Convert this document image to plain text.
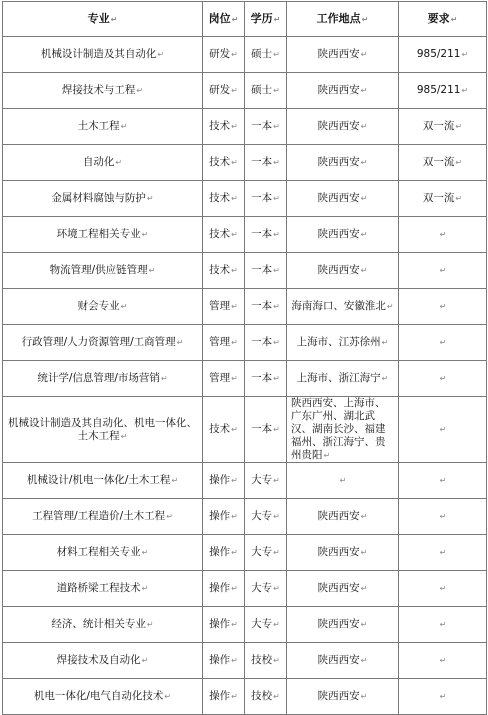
专业↵	岗位↵	学历↵	工作地点↵	要求↵
机械设计制造及其自动化↵	研发↵	硕士↵	陕西西安↵	985/211↵
焊接技术与工程↵	研发↵	硕士↵	陕西西安↵	985/211↵
土木工程↵	技术↵	一本↵	陕西西安↵	双一流↵
自动化↵	技术↵	一本↵	陕西西安↵	双一流↵
金属材料腐蚀与防护↵	技术↵	一本↵	陕西西安↵	双一流↵
环境工程相关专业↵	技术↵	一本↵	陕西西安↵	↵
物流管理/供应链管理↵	技术↵	一本↵	陕西西安↵	↵
财会专业↵	管理↵	一本↵	海南海口、安徽淮北↵	↵
行政管理/人力资源管理/工商管理↵	管理↵	一本↵	上海市、江苏徐州↵	↵
统计学/信息管理/市场营销↵	管理↵	一本↵	上海市、浙江海宁↵	↵
机械设计制造及其自动化、机电一体化、土木工程↵	技术↵	一本↵	陕西西安、上海市、广东广州、湖北武汉、湖南长沙、福建福州、浙江海宁、贵州贵阳↵	↵
机械设计/机电一体化/土木工程↵	操作↵	大专↵	↵	↵
工程管理/工程造价/土木工程↵	操作↵	大专↵	陕西西安↵	↵
材料工程相关专业↵	操作↵	大专↵	陕西西安↵	↵
道路桥梁工程技术↵	操作↵	大专↵	陕西西安↵	↵
经济、统计相关专业↵	操作↵	大专↵	陕西西安↵	↵
焊接技术及自动化↵	操作↵	技校↵	陕西西安↵	↵
机电一体化/电气自动化技术↵	操作↵	技校↵	陕西西安↵	↵
